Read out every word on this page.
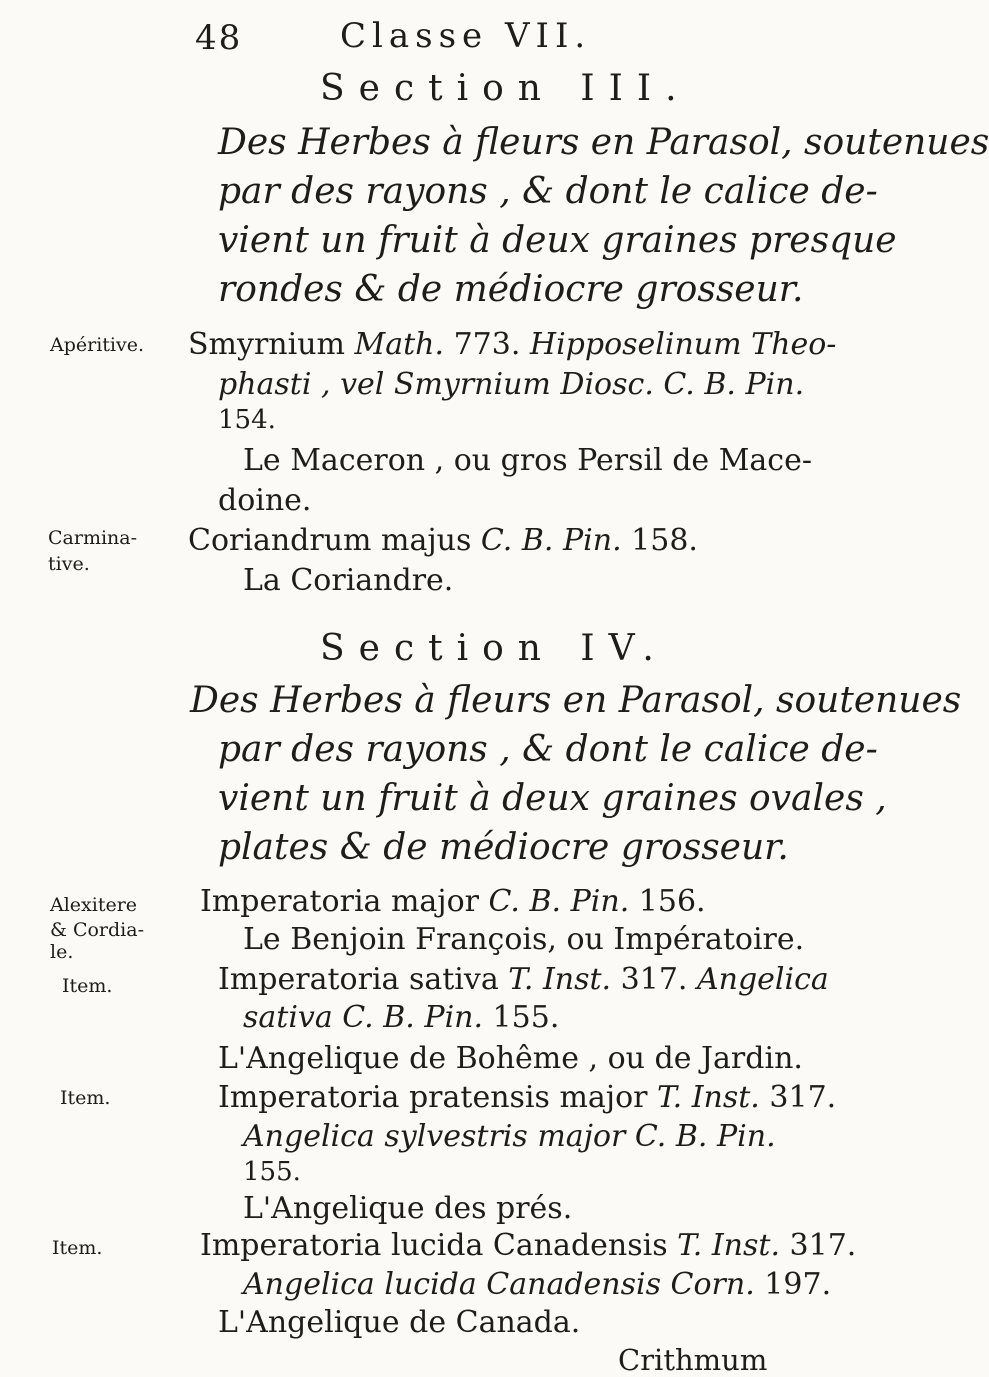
48	Classe VII.
Section III.
Des Herbes à fleurs en Parasol, soutenues
par des rayons , & dont le calice de-
vient un fruit à deux graines presque
rondes & de médiocre grosseur.
Apéritive. Smyrnium Math. 773. Hipposelinum Theo-
phasti , vel Smyrnium Diosc. C. B. Pin.
154.
Le Maceron , ou gros Persil de Mace-
doine.
Carmina-
tive.
Coriandrum majus C. B. Pin. 158.
La Coriandre.
Section IV.
Des Herbes à fleurs en Parasol, soutenues
par des rayons , & dont le calice de-
vient un fruit à deux graines ovales ,
plates & de médiocre grosseur.
Alexitere
& Cordia-
le.
Imperatoria major C. B. Pin. 156.
Le Benjoin François, ou Impératoire.
Item.	Imperatoria sativa T. Inst. 317. Angelica
sativa C. B. Pin. 155.
L'Angelique de Bohême , ou de Jardin.
Item.	Imperatoria pratensis major T. Inst. 317.
Angelica sylvestris major C. B. Pin.
155.
L'Angelique des prés.
Item.	Imperatoria lucida Canadensis T. Inst. 317.
Angelica lucida Canadensis Corn. 197.
L'Angelique de Canada.
Crithmum
